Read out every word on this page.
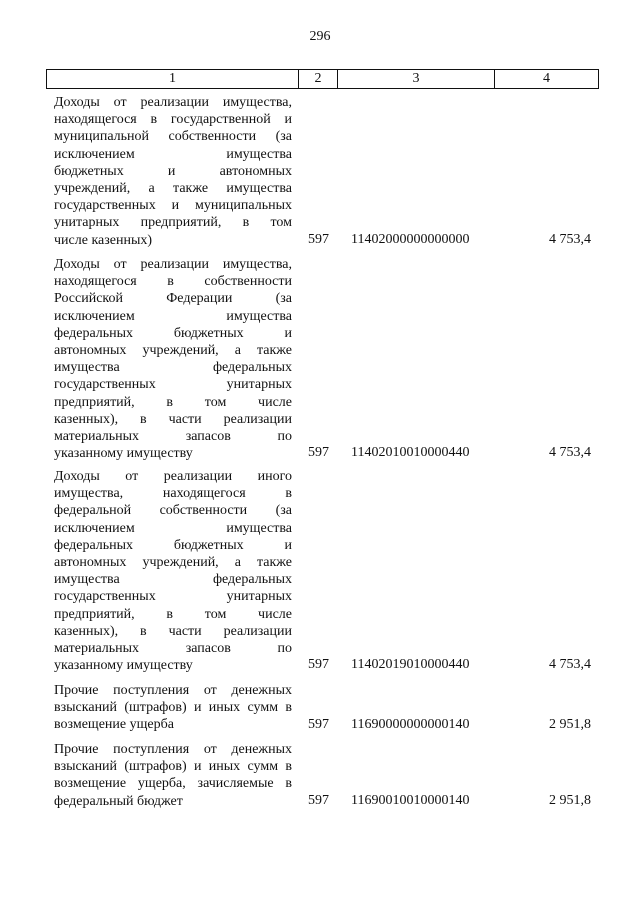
296
1	2	3	4
Доходы от реализации имущества,
находящегося в государственной и
муниципальной собственности (за
исключением имущества
бюджетных и автономных
учреждений, а также имущества
государственных и муниципальных
унитарных предприятий, в том
числе казенных)	597	11402000000000000	4 753,4
Доходы от реализации имущества,
находящегося в собственности
Российской Федерации (за
исключением имущества
федеральных бюджетных и
автономных учреждений, а также
имущества федеральных
государственных унитарных
предприятий, в том числе
казенных), в части реализации
материальных запасов по
указанному имуществу	597	11402010010000440	4 753,4
Доходы от реализации иного
имущества, находящегося в
федеральной собственности (за
исключением имущества
федеральных бюджетных и
автономных учреждений, а также
имущества федеральных
государственных унитарных
предприятий, в том числе
казенных), в части реализации
материальных запасов по
указанному имуществу	597	11402019010000440	4 753,4
Прочие поступления от денежных
взысканий (штрафов) и иных сумм в
возмещение ущерба	597	11690000000000140	2 951,8
Прочие поступления от денежных
взысканий (штрафов) и иных сумм в
возмещение ущерба, зачисляемые в
федеральный бюджет	597	11690010010000140	2 951,8
